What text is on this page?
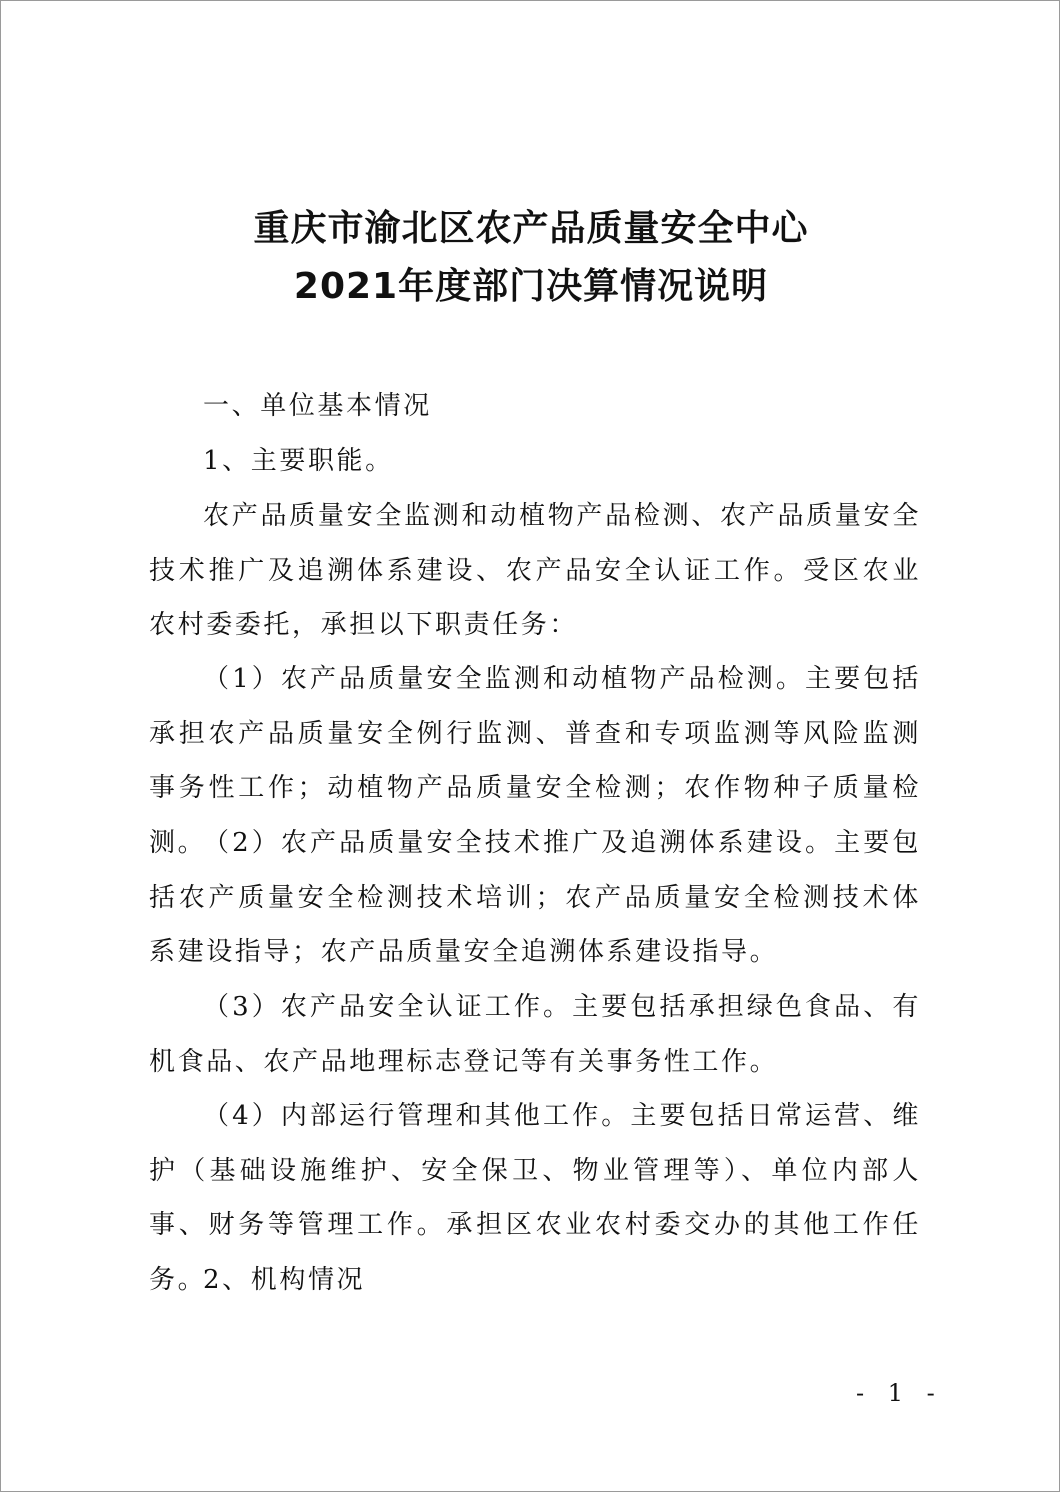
重庆市渝北区农产品质量安全中心
2021年度部门决算情况说明

一、单位基本情况

1、主要职能。

农产品质量安全监测和动植物产品检测、农产品质量安全技术推广及追溯体系建设、农产品安全认证工作。受区农业农村委委托，承担以下职责任务：

（1）农产品质量安全监测和动植物产品检测。主要包括承担农产品质量安全例行监测、普查和专项监测等风险监测事务性工作；动植物产品质量安全检测；农作物种子质量检测。

（2）农产品质量安全技术推广及追溯体系建设。主要包括农产质量安全检测技术培训；农产品质量安全检测技术体系建设指导；农产品质量安全追溯体系建设指导。

（3）农产品安全认证工作。主要包括承担绿色食品、有机食品、农产品地理标志登记等有关事务性工作。

（4）内部运行管理和其他工作。主要包括日常运营、维护（基础设施维护、安全保卫、物业管理等）、单位内部人事、财务等管理工作。承担区农业农村委交办的其他工作任务。

2、机构情况

- 1 -
